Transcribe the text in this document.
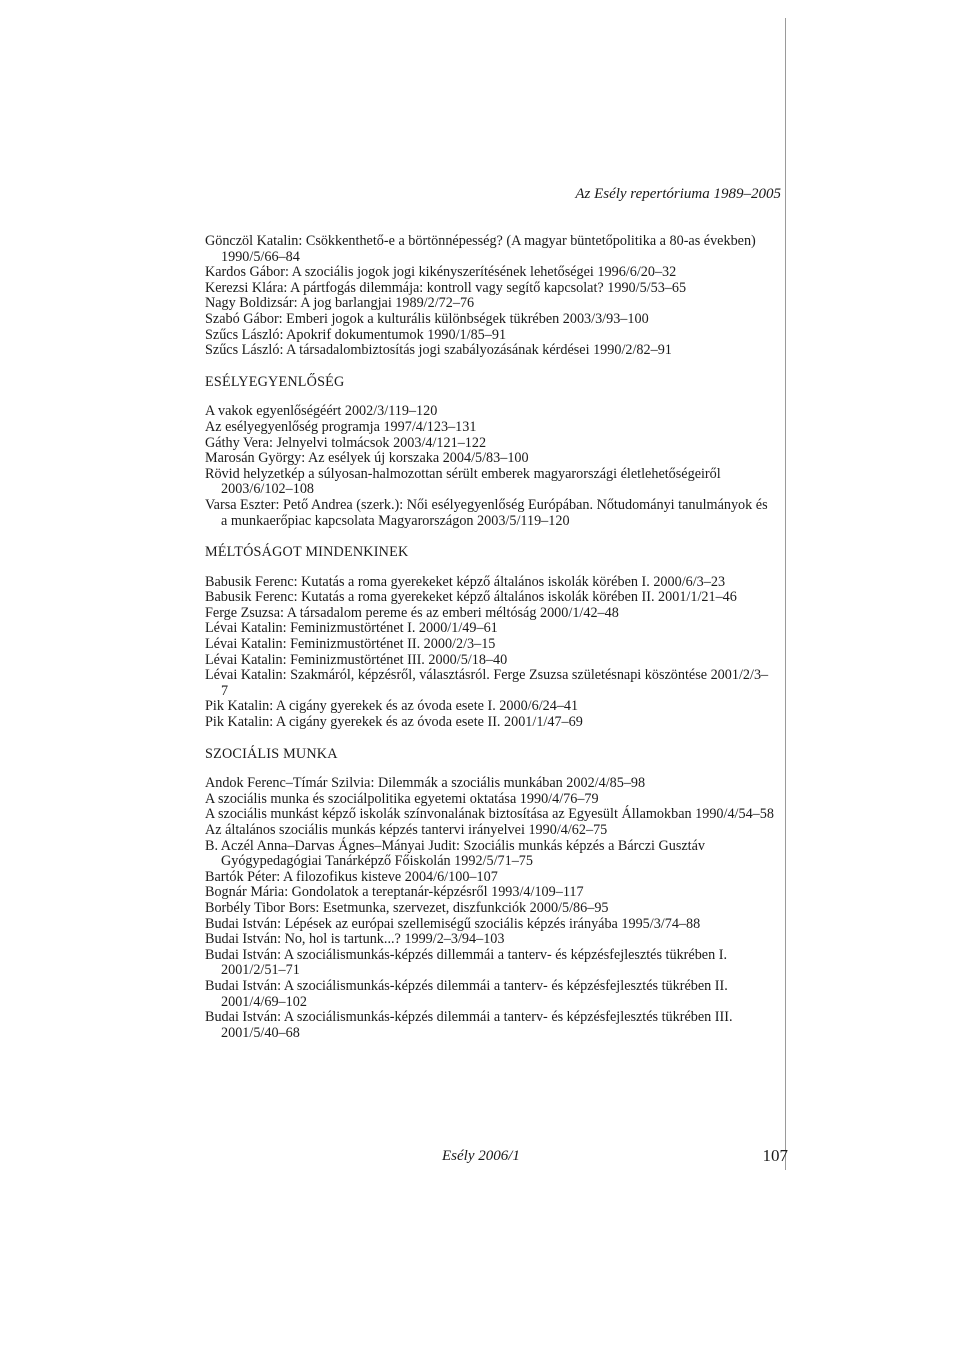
Az Esély repertóriuma 1989–2005

Gönczöl Katalin: Csökkenthető-e a börtönnépesség? (A magyar büntetőpolitika a 80-as években) 1990/5/66–84

Kardos Gábor: A szociális jogok jogi kikényszerítésének lehetőségei 1996/6/20–32

Kerezsi Klára: A pártfogás dilemmája: kontroll vagy segítő kapcsolat? 1990/5/53–65

Nagy Boldizsár: A jog barlangjai 1989/2/72–76

Szabó Gábor: Emberi jogok a kulturális különbségek tükrében 2003/3/93–100

Szűcs László: Apokrif dokumentumok 1990/1/85–91

Szűcs László: A társadalombiztosítás jogi szabályozásának kérdései 1990/2/82–91

ESÉLYEGYENLŐSÉG

A vakok egyenlőségéért 2002/3/119–120

Az esélyegyenlőség programja 1997/4/123–131

Gáthy Vera: Jelnyelvi tolmácsok 2003/4/121–122

Marosán György: Az esélyek új korszaka 2004/5/83–100

Rövid helyzetkép a súlyosan-halmozottan sérült emberek magyarországi életlehetőségeiről 2003/6/102–108

Varsa Eszter: Pető Andrea (szerk.): Női esélyegyenlőség Európában. Nőtudományi tanulmányok és a munkaerőpiac kapcsolata Magyarországon 2003/5/119–120

MÉLTÓSÁGOT MINDENKINEK

Babusik Ferenc: Kutatás a roma gyerekeket képző általános iskolák körében I. 2000/6/3–23

Babusik Ferenc: Kutatás a roma gyerekeket képző általános iskolák körében II. 2001/1/21–46

Ferge Zsuzsa: A társadalom pereme és az emberi méltóság 2000/1/42–48

Lévai Katalin: Feminizmustörténet I. 2000/1/49–61

Lévai Katalin: Feminizmustörténet II. 2000/2/3–15

Lévai Katalin: Feminizmustörténet III. 2000/5/18–40

Lévai Katalin: Szakmáról, képzésről, választásról. Ferge Zsuzsa születésnapi köszöntése 2001/2/3–7

Pik Katalin: A cigány gyerekek és az óvoda esete I. 2000/6/24–41

Pik Katalin: A cigány gyerekek és az óvoda esete II. 2001/1/47–69

SZOCIÁLIS MUNKA

Andok Ferenc–Tímár Szilvia: Dilemmák a szociális munkában 2002/4/85–98

A szociális munka és szociálpolitika egyetemi oktatása 1990/4/76–79

A szociális munkást képző iskolák színvonalának biztosítása az Egyesült Államokban 1990/4/54–58

Az általános szociális munkás képzés tantervi irányelvei 1990/4/62–75

B. Aczél Anna–Darvas Ágnes–Mányai Judit: Szociális munkás képzés a Bárczi Gusztáv Gyógypedagógiai Tanárképző Főiskolán 1992/5/71–75

Bartók Péter: A filozofikus kisteve 2004/6/100–107

Bognár Mária: Gondolatok a tereptanár-képzésről 1993/4/109–117

Borbély Tibor Bors: Esetmunka, szervezet, diszfunkciók 2000/5/86–95

Budai István: Lépések az európai szellemiségű szociális képzés irányába 1995/3/74–88

Budai István: No, hol is tartunk...? 1999/2–3/94–103

Budai István: A szociálismunkás-képzés dillemmái a tanterv- és képzésfejlesztés tükrében I. 2001/2/51–71

Budai István: A szociálismunkás-képzés dilemmái a tanterv- és képzésfejlesztés tükrében II. 2001/4/69–102

Budai István: A szociálismunkás-képzés dilemmái a tanterv- és képzésfejlesztés tükrében III. 2001/5/40–68

Esély 2006/1	107
